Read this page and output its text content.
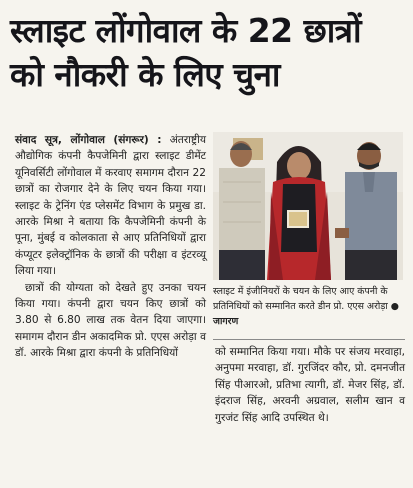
स्लाइट लोंगोवाल के 22 छात्रों
को नौकरी के लिए चुना

संवाद सूत्र, लोंगोवाल (संगरूर) : अंतराष्ट्रीय औद्योगिक कंपनी कैपजेमिनी द्वारा स्लाइट डीमेंट यूनिवर्सिटी लोंगोवाल में करवाए समागम दौरान 22 छात्रों का रोजगार देने के लिए चयन किया गया। स्लाइट के ट्रेनिंग एंड प्लेसमेंट विभाग के प्रमुख डा. आरके मिश्रा ने बताया कि कैपजेमिनी कंपनी के पूना, मुंबई व कोलकाता से आए प्रतिनिधियों द्वारा कंप्यूटर इलेक्ट्रॉनिक के छात्रों की परीक्षा व इंटरव्यू लिया गया।

छात्रों की योग्यता को देखते हुए उनका चयन किया गया। कंपनी द्वारा चयन किए छात्रों को 3.80 से 6.80 लाख तक वेतन दिया जाएगा। समागम दौरान डीन अकादमिक प्रो. एएस अरोड़ा व डॉ. आरके मिश्रा द्वारा कंपनी के प्रतिनिधियों

स्लाइट में इंजीनियरों के चयन के लिए आए कंपनी के प्रतिनिधियों को सम्मानित करते डीन प्रो. एएस अरोड़ा ● जागरण

को सम्मानित किया गया। मौके पर संजय मरवाहा, अनुपमा मरवाहा, डॉ. गुरजिंदर कौर, प्रो. दमनजीत सिंह पीआरओ, प्रतिभा त्यागी, डॉ. मेजर सिंह, डॉ. इंदराज सिंह, अरवनी अग्रवाल, सलीम खान व गुरजंट सिंह आदि उपस्थित थे।
